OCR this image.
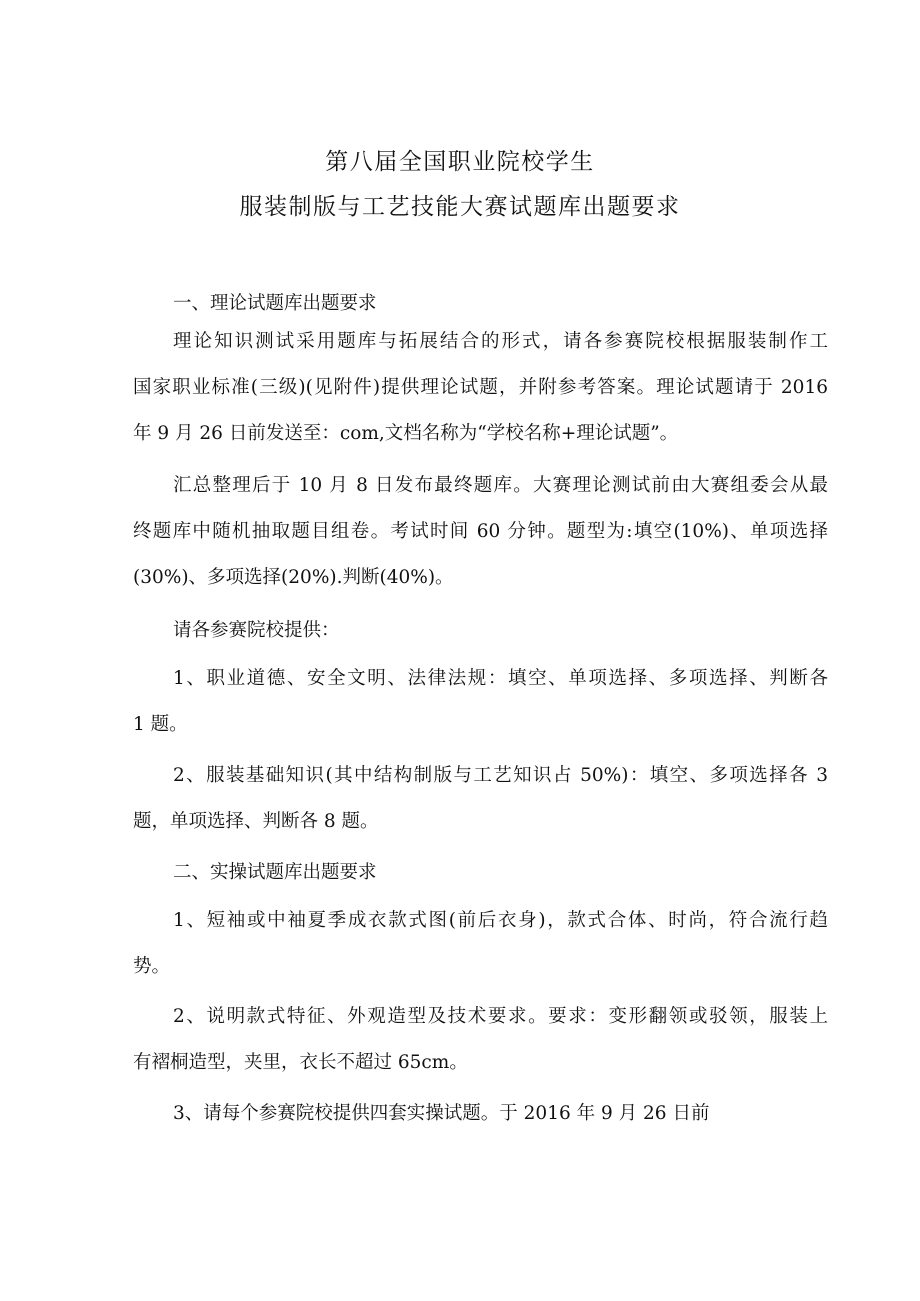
第八届全国职业院校学生
服装制版与工艺技能大赛试题库出题要求
一、理论试题库出题要求
理论知识测试采用题库与拓展结合的形式，请各参赛院校根据服装制作工
国家职业标准(三级)(见附件)提供理论试题，并附参考答案。理论试题请于 2016
年 9 月 26 日前发送至：com,文档名称为“学校名称+理论试题”。
汇总整理后于 10 月 8 日发布最终题库。大赛理论测试前由大赛组委会从最
终题库中随机抽取题目组卷。考试时间 60 分钟。题型为:填空(10%)、单项选择
(30%)、多项选择(20%).判断(40%)。
请各参赛院校提供：
1、职业道德、安全文明、法律法规：填空、单项选择、多项选择、判断各
1 题。
2、服装基础知识(其中结构制版与工艺知识占 50%)：填空、多项选择各 3
题，单项选择、判断各 8 题。
二、实操试题库出题要求
1、短袖或中袖夏季成衣款式图(前后衣身)，款式合体、时尚，符合流行趋
势。
2、说明款式特征、外观造型及技术要求。要求：变形翻领或驳领，服装上
有褶桐造型，夹里，衣长不超过 65cm。
3、请每个参赛院校提供四套实操试题。于 2016 年 9 月 26 日前
